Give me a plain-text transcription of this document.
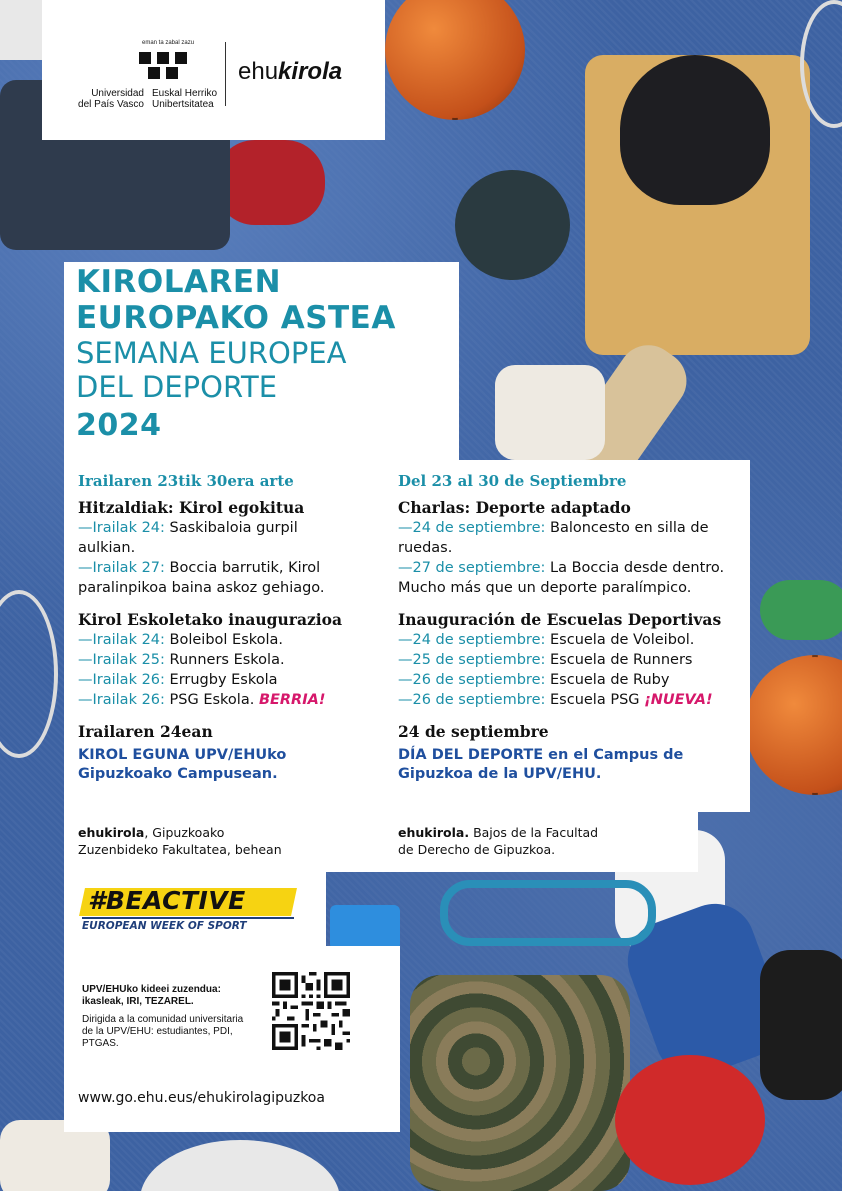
eman ta zabal zazu
Universidad
del País Vasco
Euskal Herriko
Unibertsitatea
ehukirola
KIROLAREN
EUROPAKO ASTEA
SEMANA EUROPEA
DEL DEPORTE
2024
Irailaren 23tik 30era arte

Hitzaldiak: Kirol egokitua

—Irailak 24: Saskibaloia gurpil
aulkian.

—Irailak 27: Boccia barrutik, Kirol
paralinpikoa baina askoz gehiago.

Kirol Eskoletako inaugurazioa

—Irailak 24: Boleibol Eskola.

—Irailak 25: Runners Eskola.

—Irailak 26: Errugby Eskola

—Irailak 26: PSG Eskola. BERRIA!

Irailaren 24ean

KIROL EGUNA UPV/EHUko
Gipuzkoako Campusean.
Del 23 al 30 de Septiembre

Charlas: Deporte adaptado

—24 de septiembre: Baloncesto en silla de
ruedas.

—27 de septiembre: La Boccia desde dentro.
Mucho más que un deporte paralímpico.

Inauguración de Escuelas Deportivas

—24 de septiembre: Escuela de Voleibol.

—25 de septiembre: Escuela de Runners

—26 de septiembre: Escuela de Ruby

—26 de septiembre: Escuela PSG ¡NUEVA!

24 de septiembre

DÍA DEL DEPORTE en el Campus de
Gipuzkoa de la UPV/EHU.
ehukirola, Gipuzkoako
Zuzenbideko Fakultatea, behean
ehukirola. Bajos de la Facultad
de Derecho de Gipuzkoa.
#BEACTIVE
EUROPEAN WEEK OF SPORT
UPV/EHUko kideei zuzendua:
ikasleak, IRI, TEZAREL.
Dirigida a la comunidad universitaria
de la UPV/EHU: estudiantes, PDI,
PTGAS.
www.go.ehu.eus/ehukirolagipuzkoa
